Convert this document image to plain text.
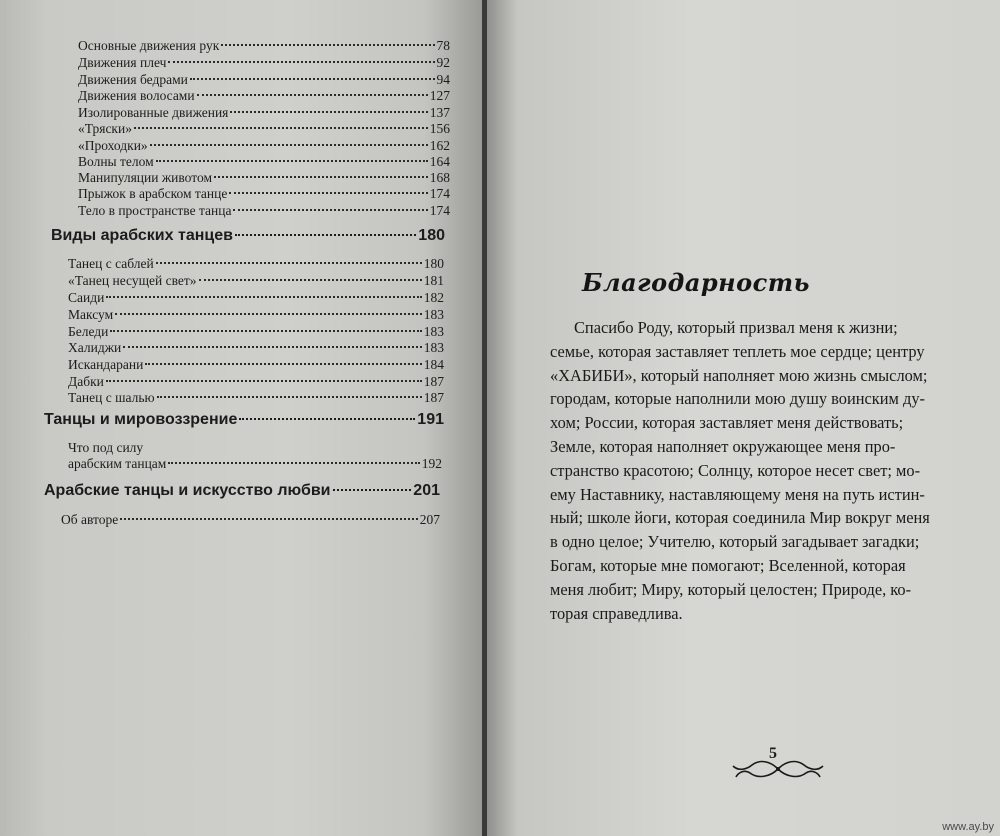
Основные движения рук	78
Движения плеч	92
Движения бедрами	94
Движения волосами	127
Изолированные движения	137
«Тряски»	156
«Проходки»	162
Волны телом	164
Манипуляции животом	168
Прыжок в арабском танце	174
Тело в пространстве танца	174
Виды арабских танцев	180
Танец с саблей	180
«Танец несущей свет»	181
Саиди	182
Максум	183
Беледи	183
Халиджи	183
Искандарани	184
Дабки	187
Танец с шалью	187
Танцы и мировоззрение	191
Что под силу
арабским танцам	192
Арабские танцы и искусство любви	201
Об авторе	207
Благодарность
Спасибо Роду, который призвал меня к жизни;
семье, которая заставляет теплеть мое сердце; центру
«ХАБИБИ», который наполняет мою жизнь смыслом;
городам, которые наполнили мою душу воинским ду-
хом; России, которая заставляет меня действовать;
Земле, которая наполняет окружающее меня про-
странство красотою; Солнцу, которое несет свет; мо-
ему Наставнику, наставляющему меня на путь истин-
ный; школе йоги, которая соединила Мир вокруг меня
в одно целое; Учителю, который загадывает загадки;
Богам, которые мне помогают; Вселенной, которая
меня любит; Миру, который целостен; Природе, ко-
торая справедлива.
5
www.ay.by
